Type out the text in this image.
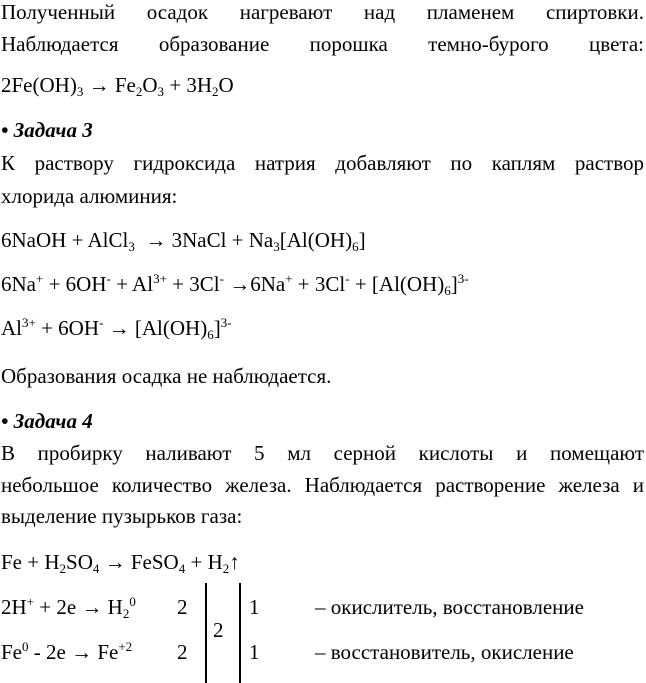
Полученный осадок нагревают над пламенем спиртовки.
Наблюдается образование порошка темно-бурого цвета:
$2Fe(OH)_3 \to Fe_2O_3 + 3H_2O$
• Задача 3
К раствору гидроксида натрия добавляют по каплям раствор
хлорида алюминия:
6NaOH + AlCl$_3$  → 3NaCl + $Na_3[Al(OH)_6]$
$6Na^+ + 6OH^- + Al^{3+} + 3Cl^- \to 6Na^+ + 3Cl^- + [Al(OH)_6]^{3-}$
$Al^{3+} + 6OH^- \to [Al(OH)_6]^{3-}$
Образования осадка не наблюдается.
• Задача 4
В пробирку наливают 5 мл серной кислоты и помещают
небольшое количество железа. Наблюдается растворение железа и
выделение пузырьков газа:
$Fe + H_2SO_4$ → FeSO$_4$ + $H_2↑$
$2H^+ + 2e \to H_2^0$
$Fe^0 - 2e \to Fe^{+2}$
2
2
2
1
1
– окислитель, восстановление
– восстановитель, окисление
